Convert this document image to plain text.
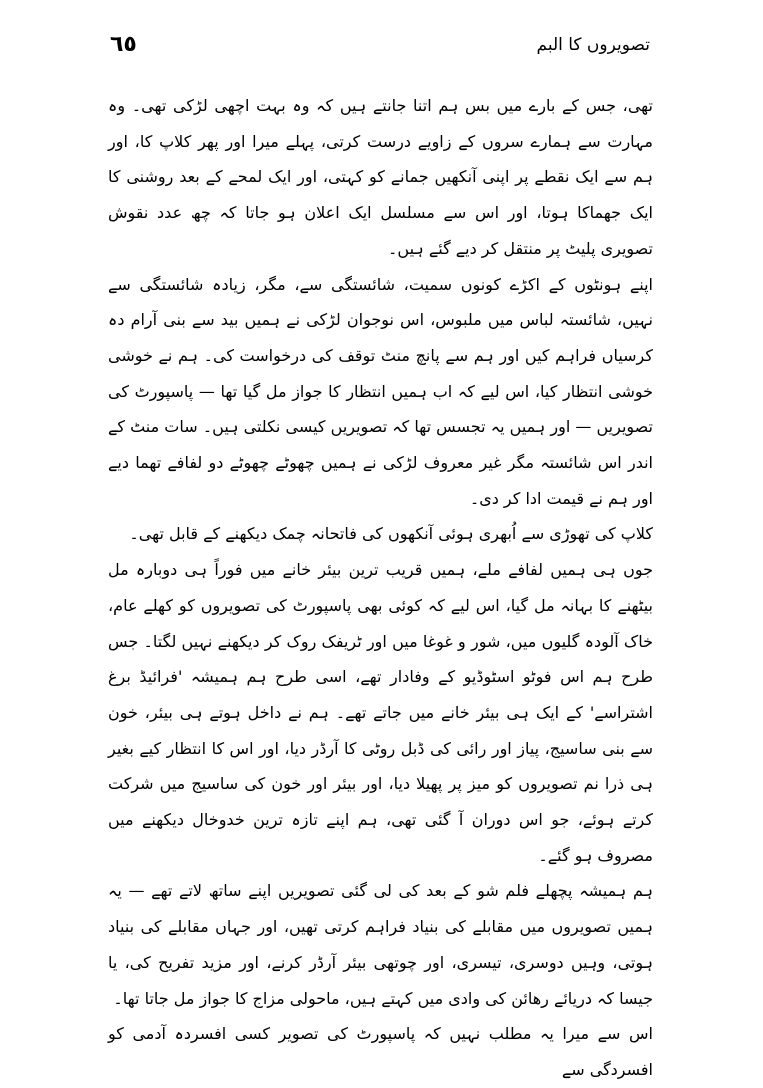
٦٥	تصویروں کا البم

تھی، جس کے بارے میں بس ہم اتنا جانتے ہیں کہ وہ بہت اچھی لڑکی تھی۔ وہ مہارت سے ہمارے سروں کے زاویے درست کرتی، پہلے میرا اور پھر کلاپ کا، اور ہم سے ایک نقطے پر اپنی آنکھیں جمانے کو کہتی، اور ایک لمحے کے بعد روشنی کا ایک جھماکا ہوتا، اور اس سے مسلسل ایک اعلان ہو جاتا کہ چھ عدد نقوش تصویری پلیٹ پر منتقل کر دیے گئے ہیں۔

اپنے ہونٹوں کے اکڑے کونوں سمیت، شائستگی سے، مگر، زیادہ شائستگی سے نہیں، شائستہ لباس میں ملبوس، اس نوجوان لڑکی نے ہمیں بید سے بنی آرام دہ کرسیاں فراہم کیں اور ہم سے پانچ منٹ توقف کی درخواست کی۔ ہم نے خوشی خوشی انتظار کیا، اس لیے کہ اب ہمیں انتظار کا جواز مل گیا تھا — پاسپورٹ کی تصویریں — اور ہمیں یہ تجسس تھا کہ تصویریں کیسی نکلتی ہیں۔ سات منٹ کے اندر اس شائستہ مگر غیر معروف لڑکی نے ہمیں چھوٹے چھوٹے دو لفافے تھما دیے اور ہم نے قیمت ادا کر دی۔

کلاپ کی تھوڑی سے اُبھری ہوئی آنکھوں کی فاتحانہ چمک دیکھنے کے قابل تھی۔

جوں ہی ہمیں لفافے ملے، ہمیں قریب ترین بیئر خانے میں فوراً ہی دوبارہ مل بیٹھنے کا بہانہ مل گیا، اس لیے کہ کوئی بھی پاسپورٹ کی تصویروں کو کھلے عام، خاک آلودہ گلیوں میں، شور و غوغا میں اور ٹریفک روک کر دیکھنے نہیں لگتا۔ جس طرح ہم اس فوٹو اسٹوڈیو کے وفادار تھے، اسی طرح ہم ہمیشہ 'فرائیڈ برغ اشتراسے' کے ایک ہی بیئر خانے میں جاتے تھے۔ ہم نے داخل ہوتے ہی بیئر، خون سے بنی ساسیج، پیاز اور رائی کی ڈبل روٹی کا آرڈر دیا، اور اس کا انتظار کیے بغیر ہی ذرا نم تصویروں کو میز پر پھیلا دیا، اور بیئر اور خون کی ساسیج میں شرکت کرتے ہوئے، جو اس دوران آ گئی تھی، ہم اپنے تازہ ترین خدوخال دیکھنے میں مصروف ہو گئے۔

ہم ہمیشہ پچھلے فلم شو کے بعد کی لی گئی تصویریں اپنے ساتھ لاتے تھے — یہ ہمیں تصویروں میں مقابلے کی بنیاد فراہم کرتی تھیں، اور جہاں مقابلے کی بنیاد ہوتی، وہیں دوسری، تیسری، اور چوتھی بیئر آرڈر کرنے، اور مزید تفریح کی، یا جیسا کہ دریائے رھائن کی وادی میں کہتے ہیں، ماحولی مزاج کا جواز مل جاتا تھا۔

اس سے میرا یہ مطلب نہیں کہ پاسپورٹ کی تصویر کسی افسردہ آدمی کو افسردگی سے
